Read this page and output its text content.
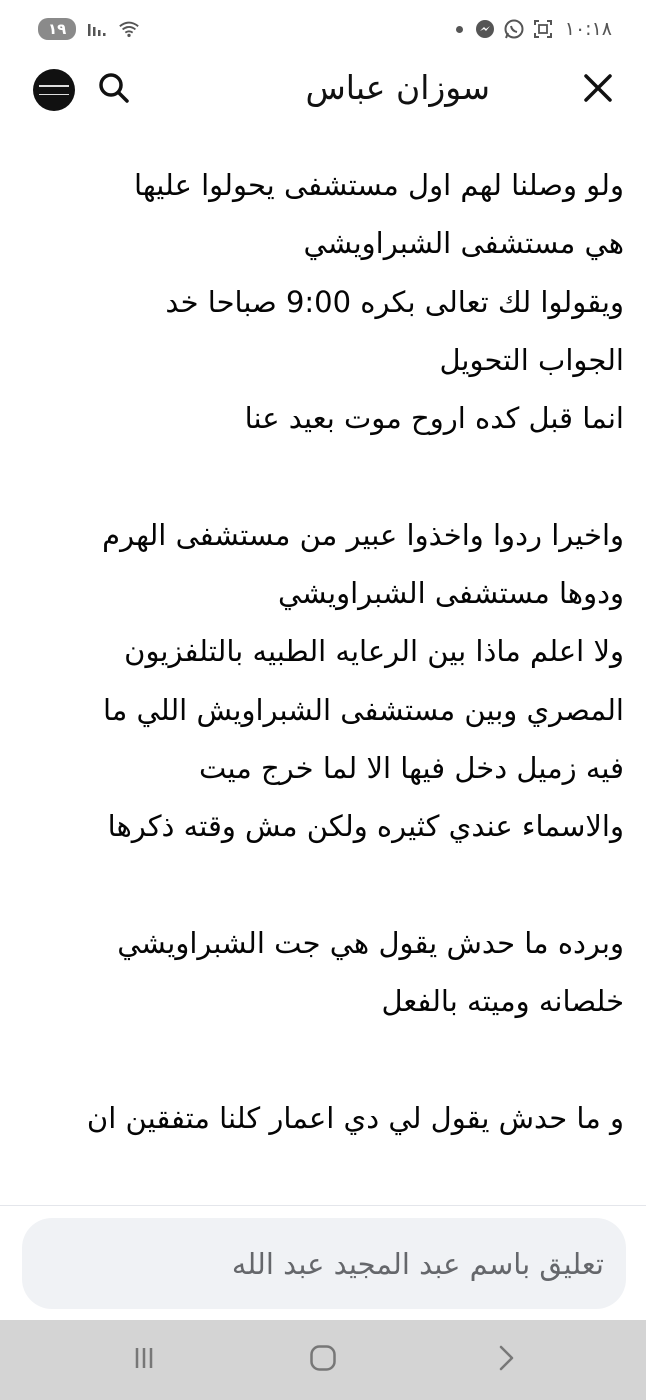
١٩	١٠:١٨
سوزان عباس
ولو وصلنا لهم اول مستشفى يحولوا عليها
هي مستشفى الشبراويشي
ويقولوا لك تعالى بكره 9:00 صباحا خد
الجواب التحويل
انما قبل كده اروح موت بعيد عنا
واخيرا ردوا واخذوا عبير من مستشفى الهرم
ودوها مستشفى الشبراويشي
ولا اعلم ماذا بين الرعايه الطبيه بالتلفزيون
المصري وبين مستشفى الشبراويش اللي ما
فيه زميل دخل فيها الا لما خرج ميت
والاسماء عندي كثيره ولكن مش وقته ذكرها
وبرده ما حدش يقول هي جت الشبراويشي
خلصانه وميته بالفعل
و ما حدش يقول لي دي اعمار كلنا متفقين ان
تعليق باسم عبد المجيد عبد الله
